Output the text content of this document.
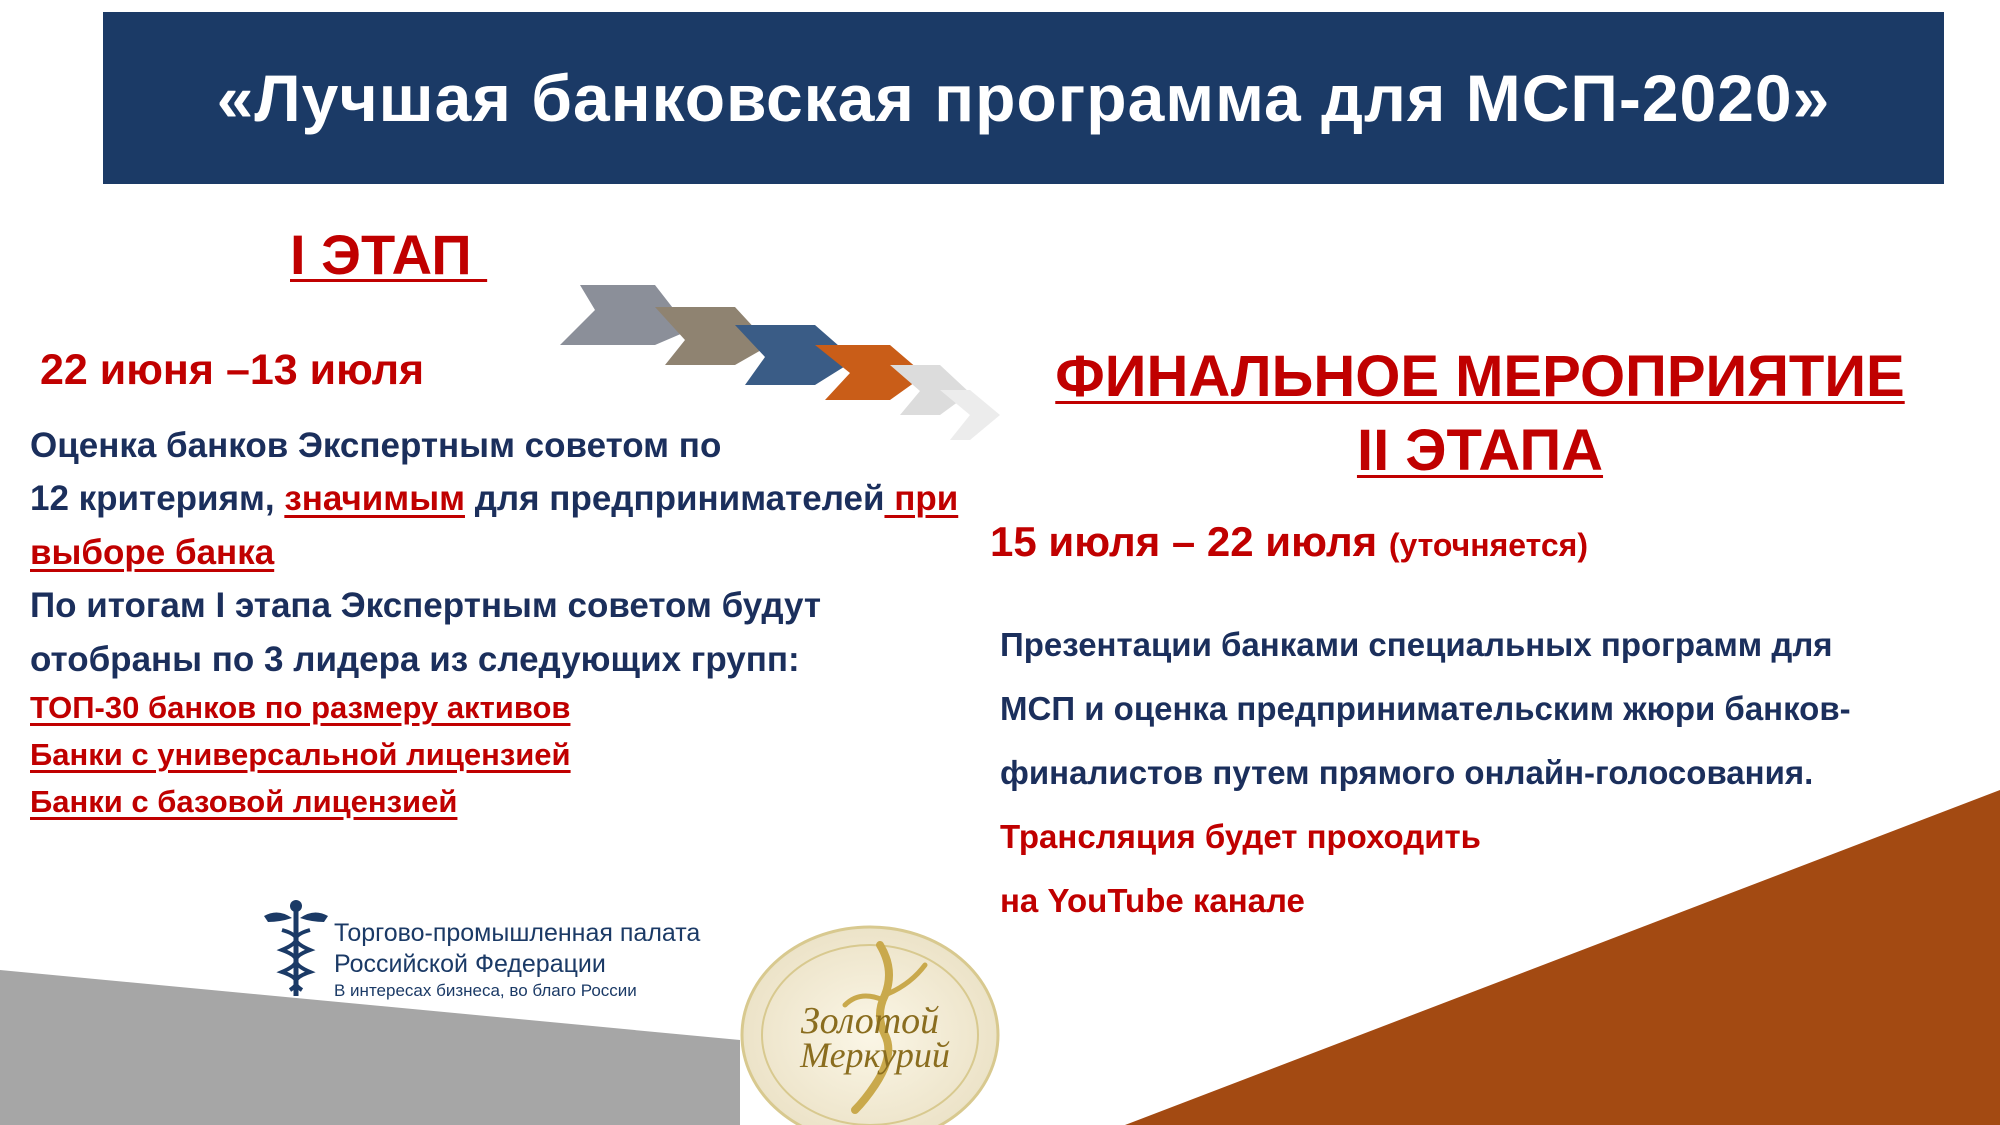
«Лучшая банковская программа для МСП-2020»
I ЭТАП
22 июня –13 июля
Оценка банков Экспертным советом по
12 критериям, значимым для предпринимателей при
выборе банка
По итогам I этапа Экспертным советом будут
отобраны по 3 лидера из следующих групп:
ТОП-30 банков по размеру активов
Банки с универсальной лицензией
Банки с базовой лицензией
ФИНАЛЬНОЕ МЕРОПРИЯТИЕ
II ЭТАПА
15 июля – 22 июля (уточняется)
Презентации банками специальных программ для
МСП и оценка предпринимательским жюри банков-
финалистов путем прямого онлайн-голосования.
Трансляция будет проходить
на YouTube канале
Торгово-промышленная палата
Российской Федерации
В интересах бизнеса, во благо России
Золотой
Меркурий
